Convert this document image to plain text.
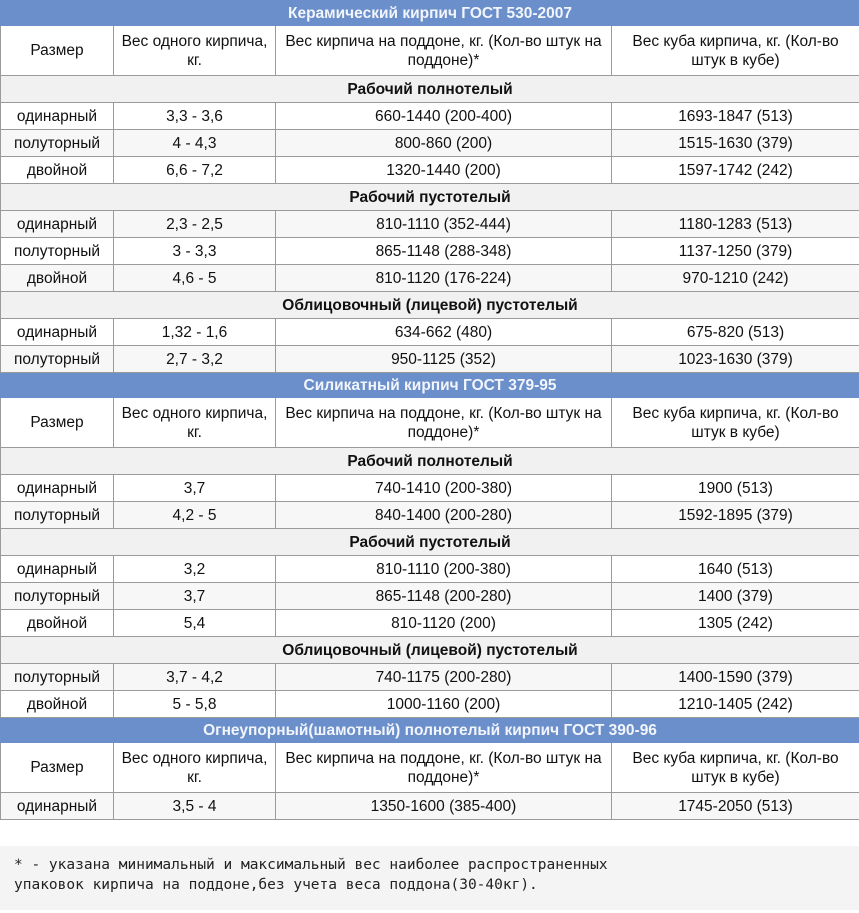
Керамический кирпич ГОСТ 530-2007			
Размер	Вес одного кирпича, кг.	Вес кирпича на поддоне, кг. (Кол-во штук на поддоне)*	Вес куба кирпича, кг. (Кол-во штук в кубе)
Рабочий полнотелый			
одинарный	3,3 - 3,6	660-1440 (200-400)	1693-1847 (513)
полуторный	4 - 4,3	800-860 (200)	1515-1630 (379)
двойной	6,6 - 7,2	1320-1440 (200)	1597-1742 (242)
Рабочий пустотелый			
одинарный	2,3 - 2,5	810-1110 (352-444)	1180-1283 (513)
полуторный	3 - 3,3	865-1148 (288-348)	1137-1250 (379)
двойной	4,6 - 5	810-1120 (176-224)	970-1210 (242)
Облицовочный (лицевой) пустотелый			
одинарный	1,32 - 1,6	634-662 (480)	675-820 (513)
полуторный	2,7 - 3,2	950-1125 (352)	1023-1630 (379)
Силикатный кирпич ГОСТ 379-95			
Размер	Вес одного кирпича, кг.	Вес кирпича на поддоне, кг. (Кол-во штук на поддоне)*	Вес куба кирпича, кг. (Кол-во штук в кубе)
Рабочий полнотелый			
одинарный	3,7	740-1410 (200-380)	1900 (513)
полуторный	4,2 - 5	840-1400 (200-280)	1592-1895 (379)
Рабочий пустотелый			
одинарный	3,2	810-1110 (200-380)	1640 (513)
полуторный	3,7	865-1148 (200-280)	1400 (379)
двойной	5,4	810-1120 (200)	1305 (242)
Облицовочный (лицевой) пустотелый			
полуторный	3,7 - 4,2	740-1175 (200-280)	1400-1590 (379)
двойной	5 - 5,8	1000-1160 (200)	1210-1405 (242)
Огнеупорный(шамотный) полнотелый кирпич ГОСТ 390-96			
Размер	Вес одного кирпича, кг.	Вес кирпича на поддоне, кг. (Кол-во штук на поддоне)*	Вес куба кирпича, кг. (Кол-во штук в кубе)
одинарный	3,5 - 4	1350-1600 (385-400)	1745-2050 (513)
* - указана минимальный и максимальный вес наиболее распространенных
упаковок кирпича на поддоне,без учета веса поддона(30-40кг).
